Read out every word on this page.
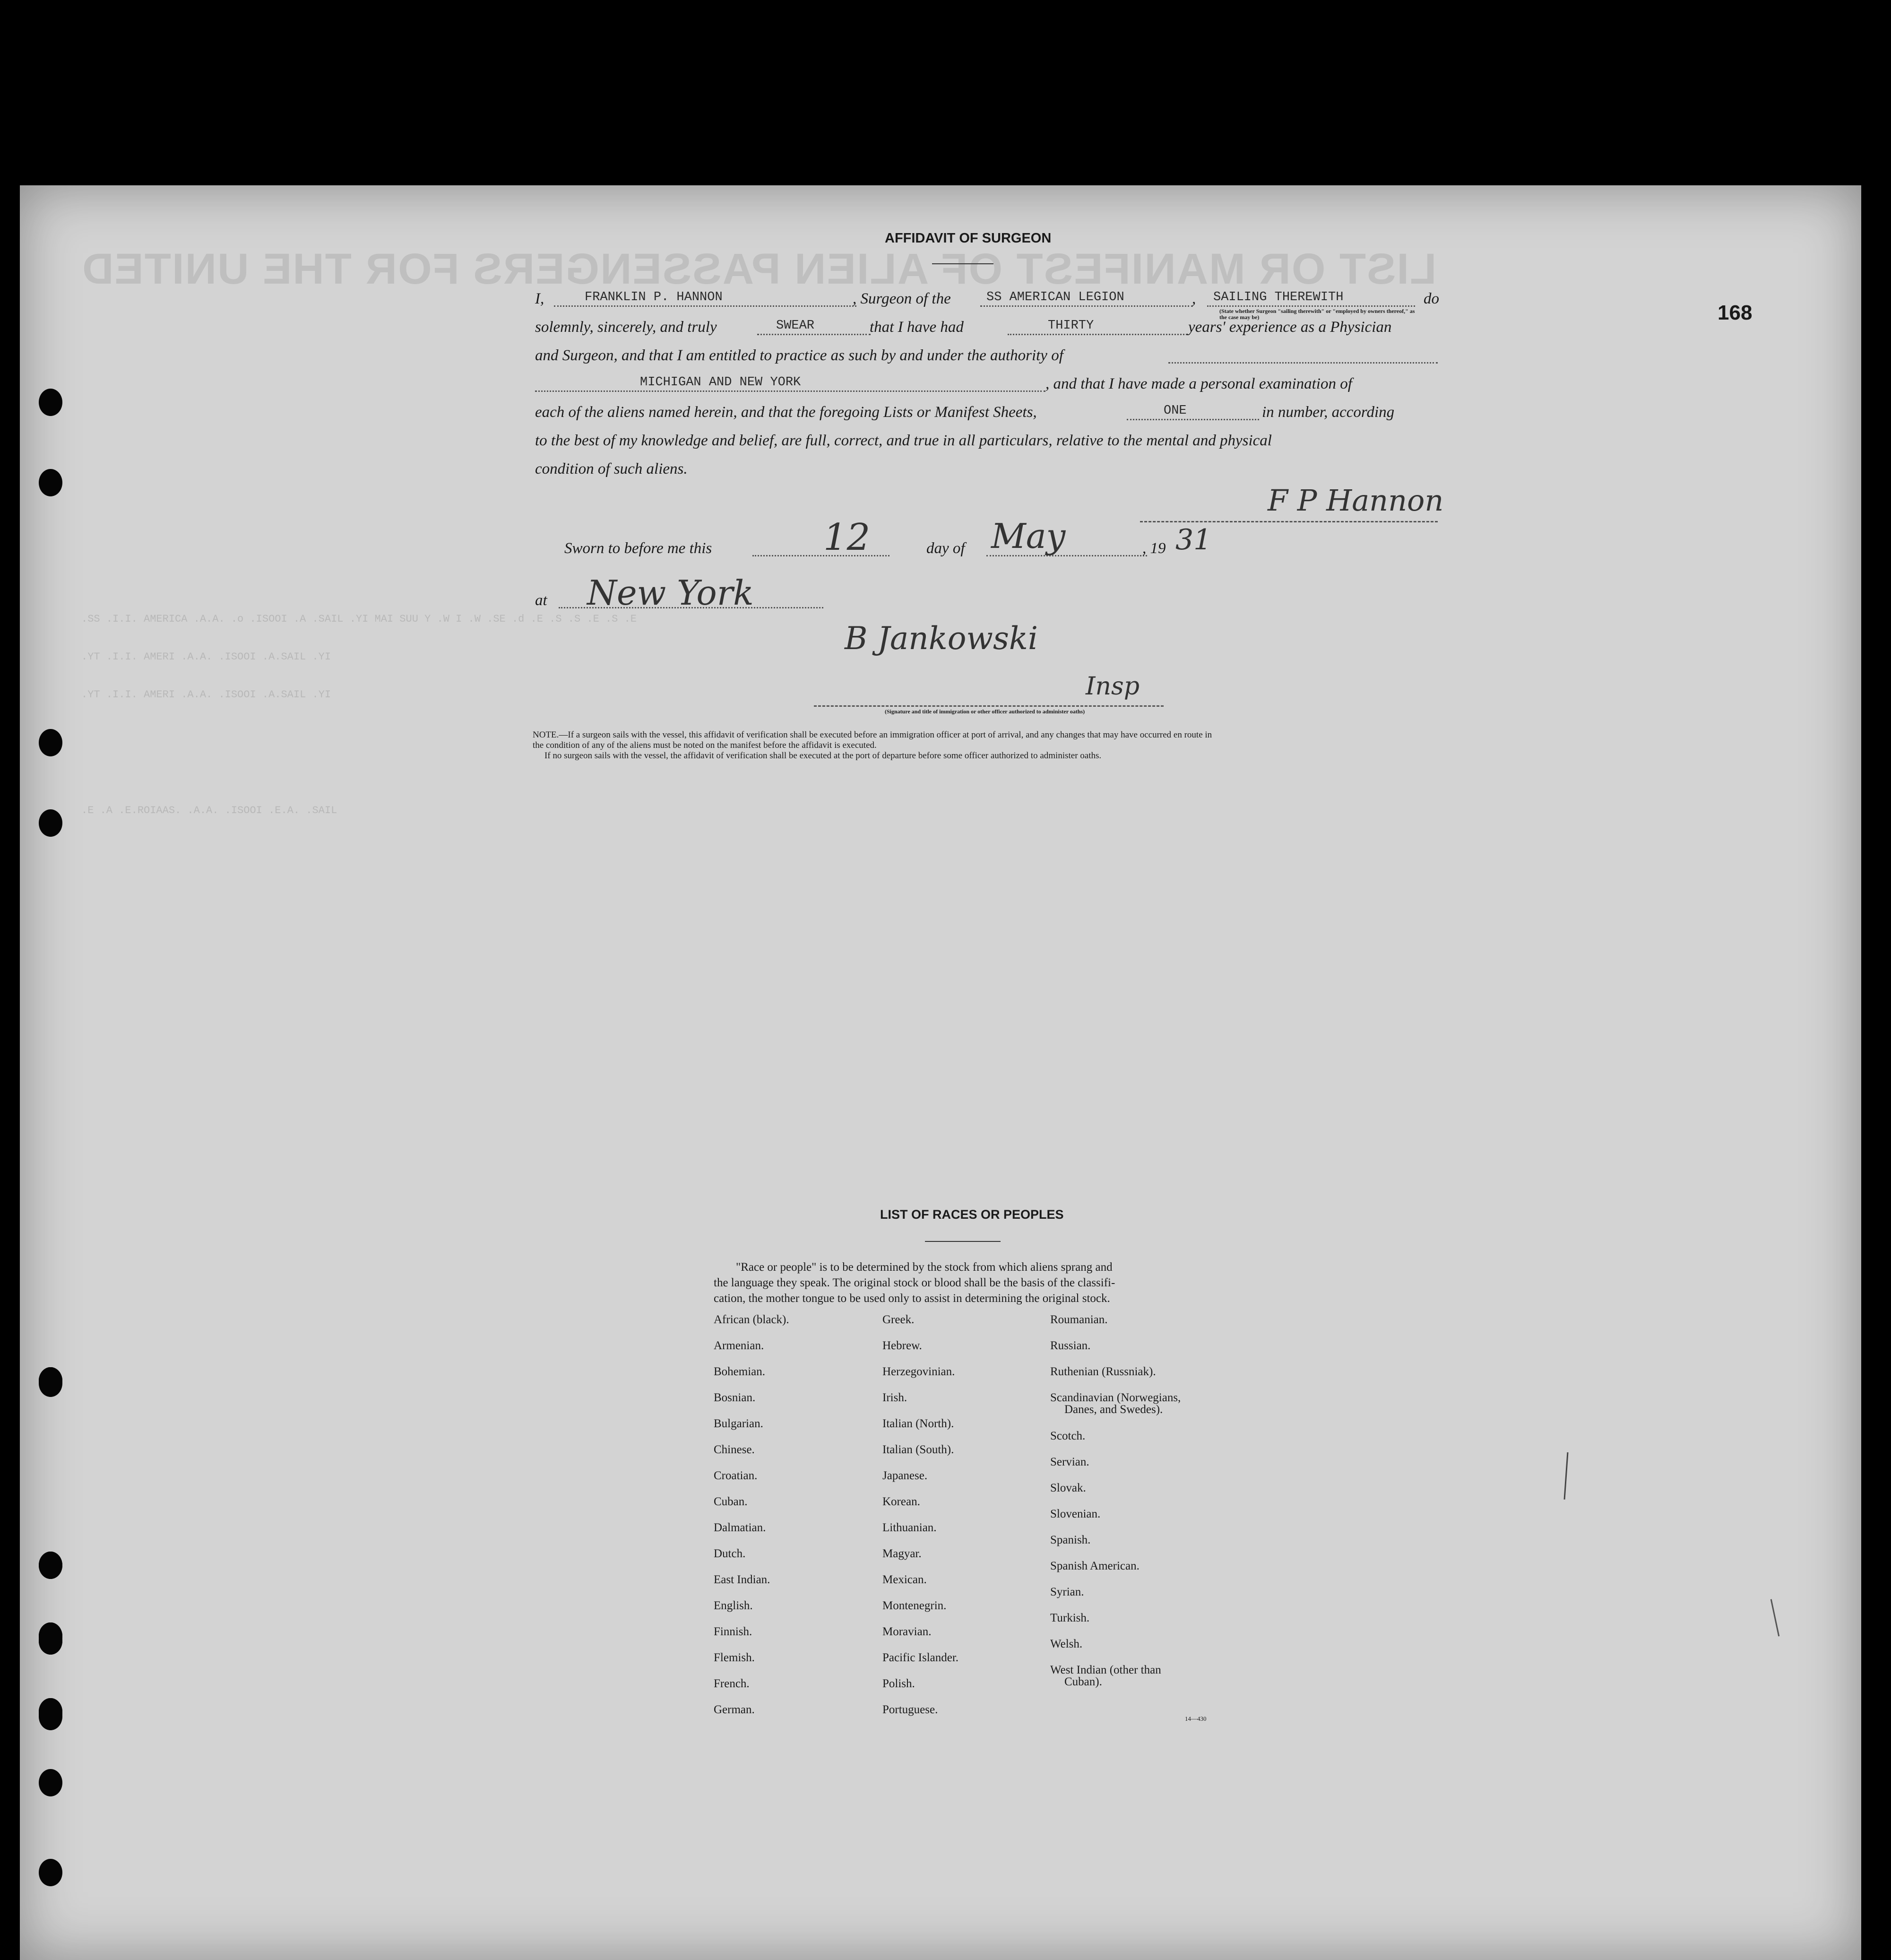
LIST OR MANIFEST OF ALIEN PASSENGERS FOR THE UNITED
.SS .I.I. AMERICA .A.A. .o .ISOOI .A .SAIL .YI MAI SUU Y .W I .W .SE .d .E .S .S .E .S .E
.YT .I.I. AMERI .A.A. .ISOOI .A.SAIL .YI
.YT .I.I. AMERI .A.A. .ISOOI .A.SAIL .YI
.E .A .E.ROIAAS. .A.A. .ISOOI .E.A. .SAIL
168
AFFIDAVIT OF SURGEON
I,	FRANKLIN P. HANNON	, Surgeon of the	SS AMERICAN LEGION	, SAILING THEREWITH	do
(State whether Surgeon "sailing therewith" or "employed by owners thereof," as the case may be)
solemnly, sincerely, and truly	SWEAR	that I have had	THIRTY	years' experience as a Physician
and Surgeon, and that I am entitled to practice as such by and under the authority of
MICHIGAN AND NEW YORK	, and that I have made a personal examination of
each of the aliens named herein, and that the foregoing Lists or Manifest Sheets,	ONE	in number, according
to the best of my knowledge and belief, are full, correct, and true in all particulars, relative to the mental and physical
condition of such aliens.
F P Hannon
Sworn to before me this	12	day of May	, 19 31
at New York
B Jankowski
Insp
(Signature and title of immigration or other officer authorized to administer oaths)
NOTE.—If a surgeon sails with the vessel, this affidavit of verification shall be executed before an immigration officer at port of arrival, and any changes that may have occurred en route in
the condition of any of the aliens must be noted on the manifest before the affidavit is executed.
If no surgeon sails with the vessel, the affidavit of verification shall be executed at the port of departure before some officer authorized to administer oaths.
LIST OF RACES OR PEOPLES
"Race or people" is to be determined by the stock from which aliens sprang and
the language they speak. The original stock or blood shall be the basis of the classifi-
cation, the mother tongue to be used only to assist in determining the original stock.
African (black).
Armenian.
Bohemian.
Bosnian.
Bulgarian.
Chinese.
Croatian.
Cuban.
Dalmatian.
Dutch.
East Indian.
English.
Finnish.
Flemish.
French.
German.
Greek.
Hebrew.
Herzegovinian.
Irish.
Italian (North).
Italian (South).
Japanese.
Korean.
Lithuanian.
Magyar.
Mexican.
Montenegrin.
Moravian.
Pacific Islander.
Polish.
Portuguese.
Roumanian.
Russian.
Ruthenian (Russniak).
Scandinavian (Norwegians,
Danes, and Swedes).
Scotch.
Servian.
Slovak.
Slovenian.
Spanish.
Spanish American.
Syrian.
Turkish.
Welsh.
West Indian (other than
Cuban).
14—430
